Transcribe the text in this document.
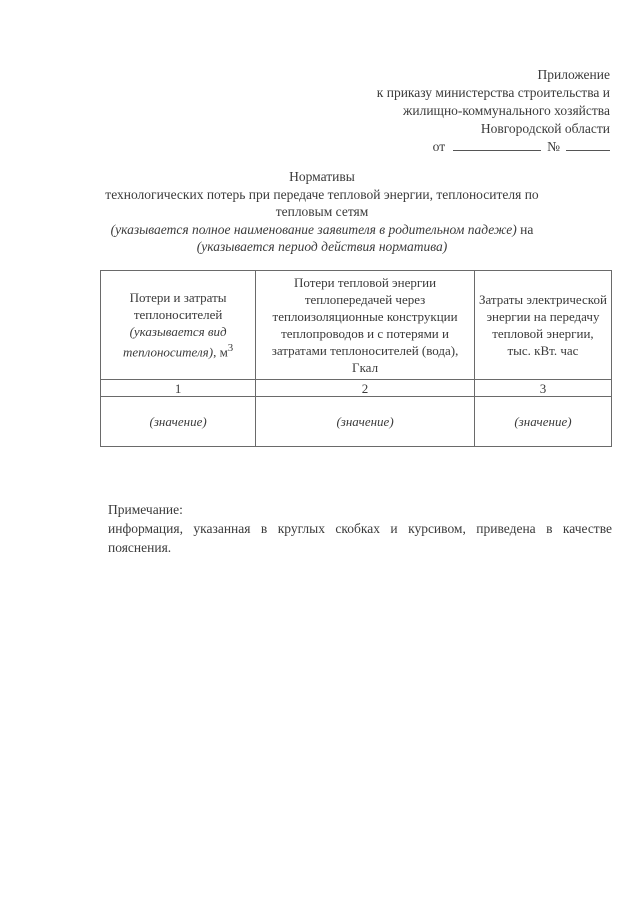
Приложение
к приказу министерства строительства и
жилищно-коммунального хозяйства
Новгородской области
от	№
Нормативы
технологических потерь при передаче тепловой энергии, теплоносителя по тепловым сетям
(указывается полное наименование заявителя в родительном падеже) на
(указывается период действия норматива)
Потери и затраты теплоносителей (указывается вид теплоносителя), $м^3$	Потери тепловой энергии теплопередачей через теплоизоляционные конструкции теплопроводов и с потерями и затратами теплоносителей (вода), Гкал	Затраты электрической энергии на передачу тепловой энергии, тыс. кВт. час
1	2	3
(значение)	(значение)	(значение)
Примечание:
информация, указанная в круглых скобках и курсивом, приведена в качестве пояснения.
